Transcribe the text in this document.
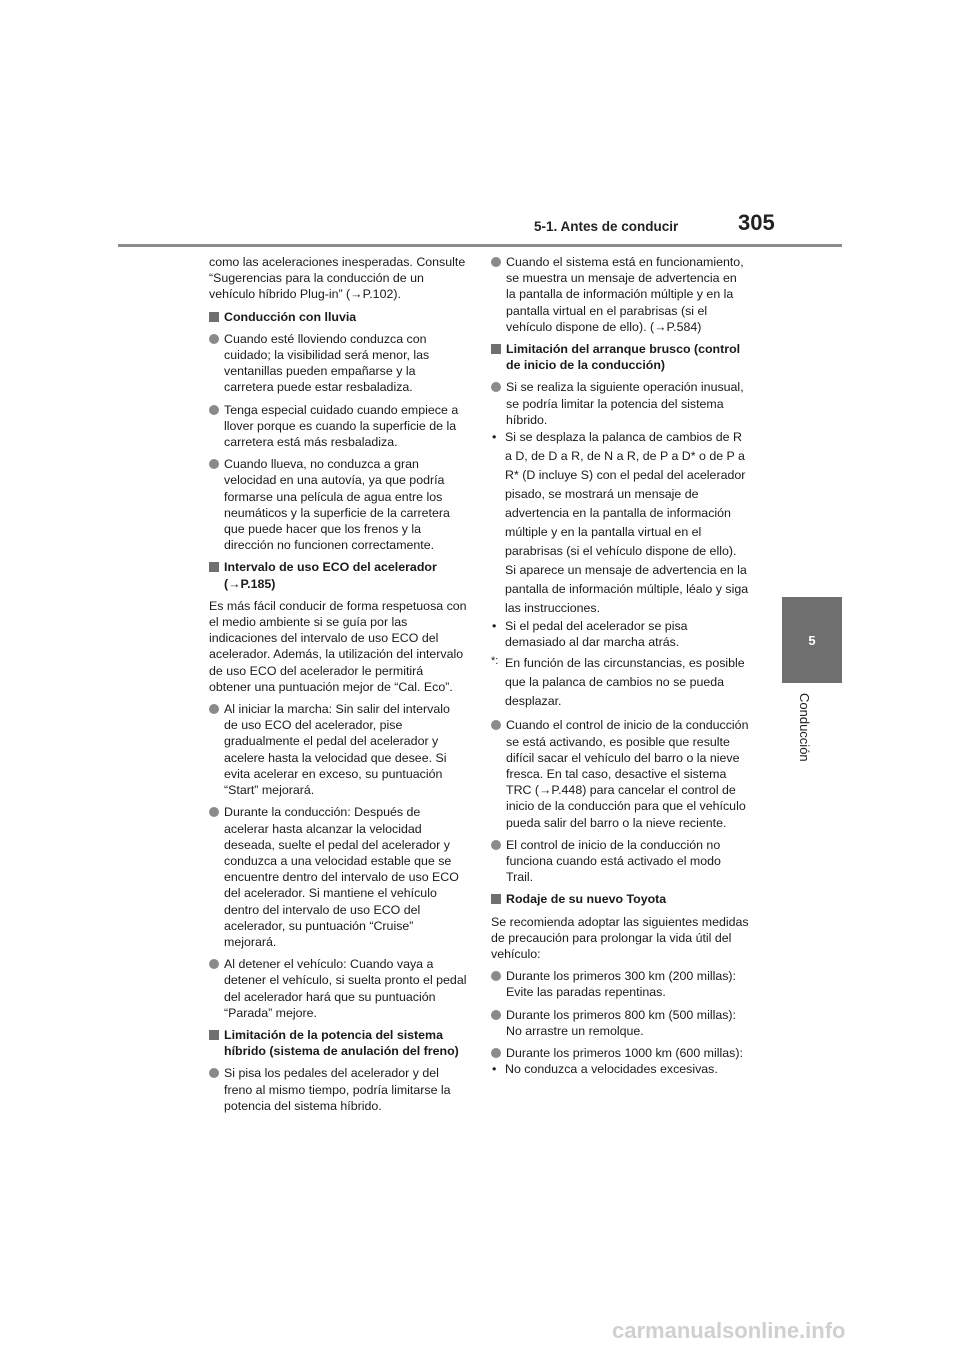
5-1. Antes de conducir	305
5
Conducción

como las aceleraciones inesperadas. Consulte “Sugerencias para la conducción de un vehículo híbrido Plug-in” (→P.102).

Conducción con lluvia
Cuando esté lloviendo conduzca con cuidado; la visibilidad será menor, las ventanillas pueden empañarse y la carretera puede estar resbaladiza.
Tenga especial cuidado cuando empiece a llover porque es cuando la superficie de la carretera está más resbaladiza.
Cuando llueva, no conduzca a gran velocidad en una autovía, ya que podría formarse una película de agua entre los neumáticos y la superficie de la carretera que puede hacer que los frenos y la dirección no funcionen correctamente.
Intervalo de uso ECO del acelerador (→P.185)

Es más fácil conducir de forma respetuosa con el medio ambiente si se guía por las indicaciones del intervalo de uso ECO del acelerador. Además, la utilización del intervalo de uso ECO del acelerador le permitirá obtener una puntuación mejor de “Cal. Eco”.

Al iniciar la marcha: Sin salir del intervalo de uso ECO del acelerador, pise gradualmente el pedal del acelerador y acelere hasta la velocidad que desee. Si evita acelerar en exceso, su puntuación “Start” mejorará.
Durante la conducción: Después de acelerar hasta alcanzar la velocidad deseada, suelte el pedal del acelerador y conduzca a una velocidad estable que se encuentre dentro del intervalo de uso ECO del acelerador. Si mantiene el vehículo dentro del intervalo de uso ECO del acelerador, su puntuación “Cruise” mejorará.
Al detener el vehículo: Cuando vaya a detener el vehículo, si suelta pronto el pedal del acelerador hará que su puntuación “Parada” mejore.
Limitación de la potencia del sistema híbrido (sistema de anulación del freno)
Si pisa los pedales del acelerador y del freno al mismo tiempo, podría limitarse la potencia del sistema híbrido.
Cuando el sistema está en funcionamiento, se muestra un mensaje de advertencia en la pantalla de información múltiple y en la pantalla virtual en el parabrisas (si el vehículo dispone de ello). (→P.584)
Limitación del arranque brusco (control de inicio de la conducción)
Si se realiza la siguiente operación inusual, se podría limitar la potencia del sistema híbrido.
• Si se desplaza la palanca de cambios de R a D, de D a R, de N a R, de P a D* o de P a R* (D incluye S) con el pedal del acelerador pisado, se mostrará un mensaje de advertencia en la pantalla de información múltiple y en la pantalla virtual en el parabrisas (si el vehículo dispone de ello). Si aparece un mensaje de advertencia en la pantalla de información múltiple, léalo y siga las instrucciones.
• Si el pedal del acelerador se pisa demasiado al dar marcha atrás.
*: En función de las circunstancias, es posible que la palanca de cambios no se pueda desplazar.
Cuando el control de inicio de la conducción se está activando, es posible que resulte difícil sacar el vehículo del barro o la nieve fresca. En tal caso, desactive el sistema TRC (→P.448) para cancelar el control de inicio de la conducción para que el vehículo pueda salir del barro o la nieve reciente.
El control de inicio de la conducción no funciona cuando está activado el modo Trail.
Rodaje de su nuevo Toyota

Se recomienda adoptar las siguientes medidas de precaución para prolongar la vida útil del vehículo:

Durante los primeros 300 km (200 millas): Evite las paradas repentinas.
Durante los primeros 800 km (500 millas): No arrastre un remolque.
Durante los primeros 1000 km (600 millas):
• No conduzca a velocidades excesivas.
carmanualsonline.info
